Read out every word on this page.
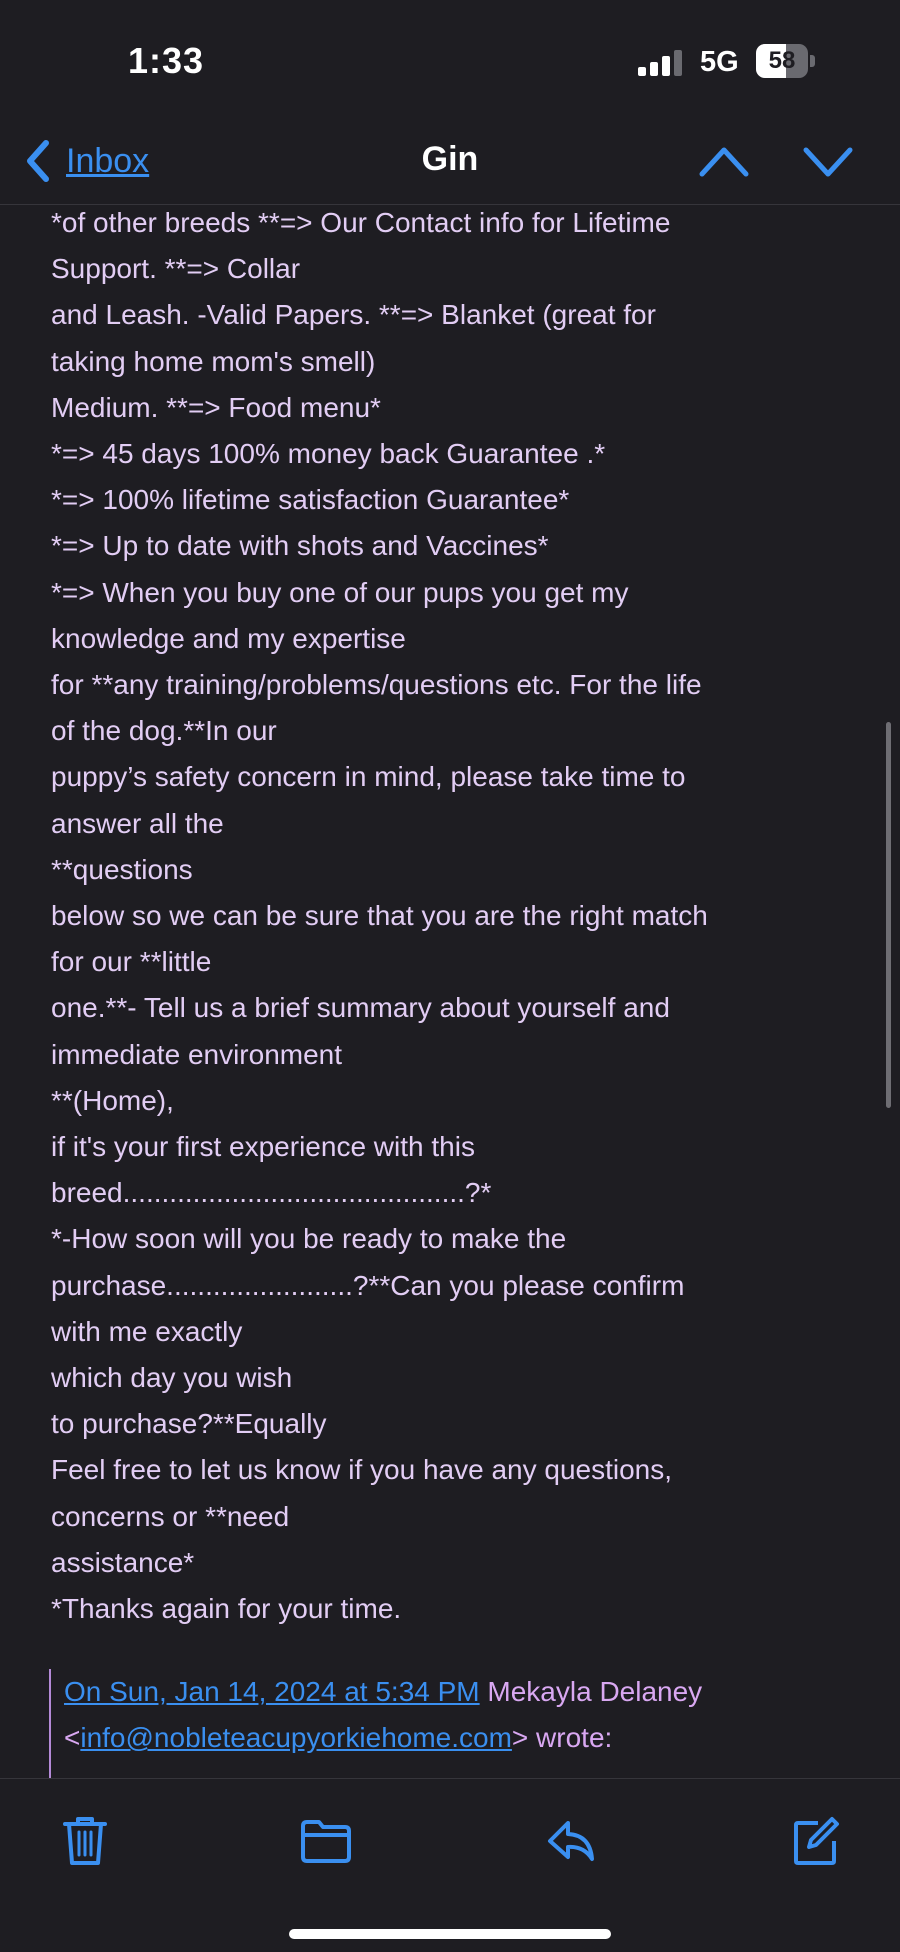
1:33	5G	58
Inbox	Gin
*of other breeds **=> Our Contact info for Lifetime
Support. **=> Collar
and Leash. -Valid Papers. **=> Blanket (great for
taking home mom's smell)
Medium. **=> Food menu*
*=> 45 days 100% money back Guarantee .*
*=> 100% lifetime satisfaction Guarantee*
*=> Up to date with shots and Vaccines*
*=> When you buy one of our pups you get my
knowledge and my expertise
for **any training/problems/questions etc. For the life
of the dog.**In our
puppy’s safety concern in mind, please take time to
answer all the
**questions
below so we can be sure that you are the right match
for our **little
one.**- Tell us a brief summary about yourself and
immediate environment
**(Home),
if it's your first experience with this
breed............................................?*
*-How soon will you be ready to make the
purchase........................?**Can you please confirm
with me exactly
which day you wish
to purchase?**Equally
Feel free to let us know if you have any questions,
concerns or **need
assistance*
*Thanks again for your time.
On Sun, Jan 14, 2024 at 5:34 PM Mekayla Delaney
<info@nobleteacupyorkiehome.com> wrote:
